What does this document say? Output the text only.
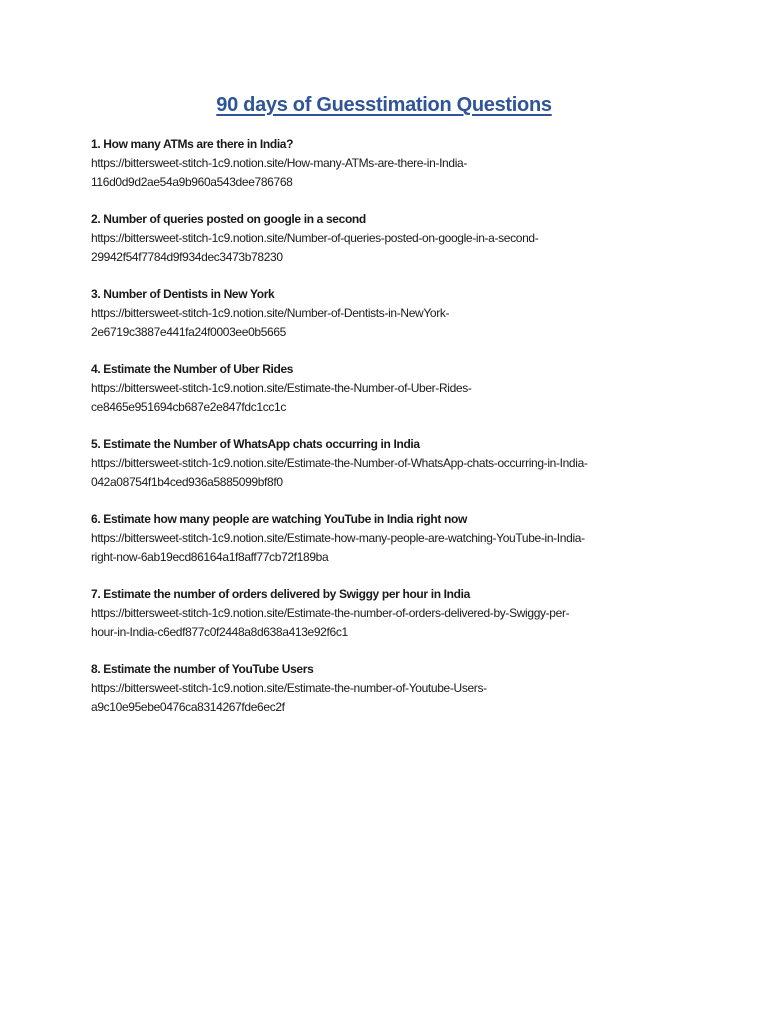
90 days of Guesstimation Questions
1. How many ATMs are there in India?
https://bittersweet-stitch-1c9.notion.site/How-many-ATMs-are-there-in-India-
116d0d9d2ae54a9b960a543dee786768
2. Number of queries posted on google in a second
https://bittersweet-stitch-1c9.notion.site/Number-of-queries-posted-on-google-in-a-second-
29942f54f7784d9f934dec3473b78230
3. Number of Dentists in New York
https://bittersweet-stitch-1c9.notion.site/Number-of-Dentists-in-NewYork-
2e6719c3887e441fa24f0003ee0b5665
4. Estimate the Number of Uber Rides
https://bittersweet-stitch-1c9.notion.site/Estimate-the-Number-of-Uber-Rides-
ce8465e951694cb687e2e847fdc1cc1c
5. Estimate the Number of WhatsApp chats occurring in India
https://bittersweet-stitch-1c9.notion.site/Estimate-the-Number-of-WhatsApp-chats-occurring-in-India-
042a08754f1b4ced936a5885099bf8f0
6. Estimate how many people are watching YouTube in India right now
https://bittersweet-stitch-1c9.notion.site/Estimate-how-many-people-are-watching-YouTube-in-India-
right-now-6ab19ecd86164a1f8aff77cb72f189ba
7. Estimate the number of orders delivered by Swiggy per hour in India
https://bittersweet-stitch-1c9.notion.site/Estimate-the-number-of-orders-delivered-by-Swiggy-per-
hour-in-India-c6edf877c0f2448a8d638a413e92f6c1
8. Estimate the number of YouTube Users
https://bittersweet-stitch-1c9.notion.site/Estimate-the-number-of-Youtube-Users-
a9c10e95ebe0476ca8314267fde6ec2f
